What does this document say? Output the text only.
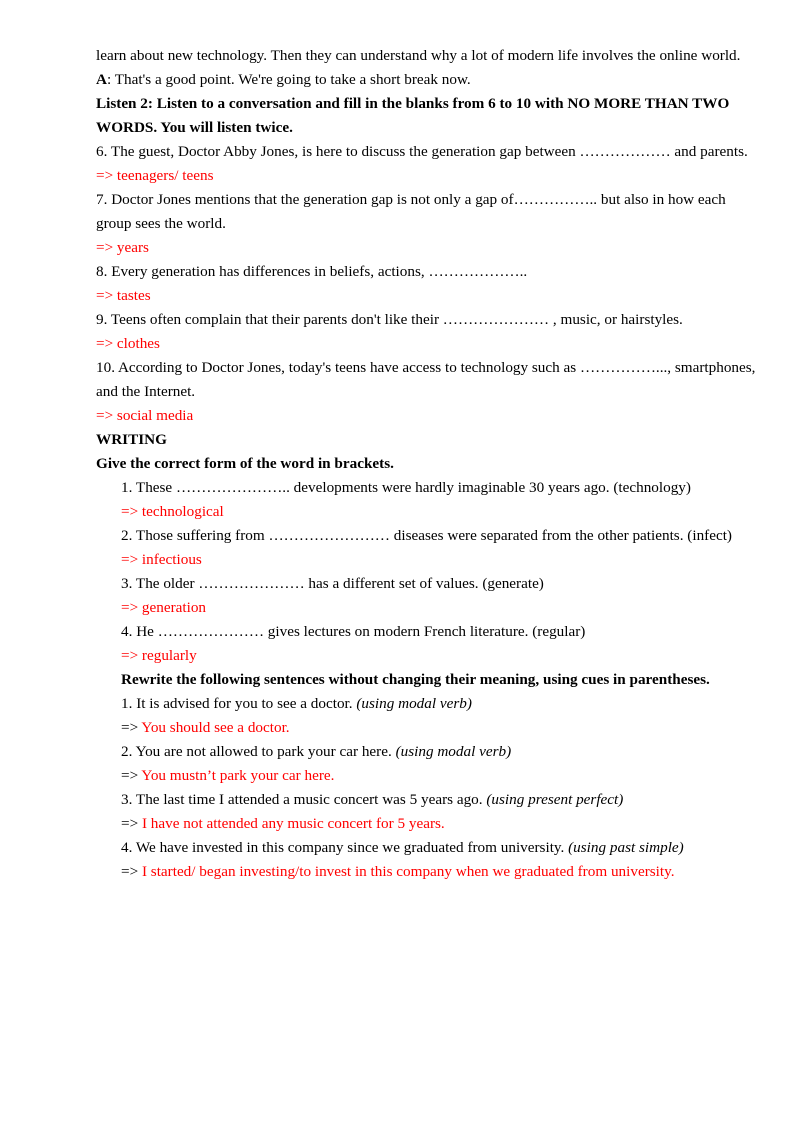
learn about new technology. Then they can understand why a lot of modern life involves the online world.

A: That's a good point. We're going to take a short break now.

Listen 2: Listen to a conversation and fill in the blanks from 6 to 10 with NO MORE THAN TWO WORDS. You will listen twice.

6. The guest, Doctor Abby Jones, is here to discuss the generation gap between ……………… and parents.

=> teenagers/ teens

7. Doctor Jones mentions that the generation gap is not only a gap of…………….. but also in how each group sees the world.

=> years

8. Every generation has differences in beliefs, actions, ………………..

=> tastes

9. Teens often complain that their parents don't like their ………………… , music, or hairstyles.

=> clothes

10. According to Doctor Jones, today's teens have access to technology such as ……………..., smartphones, and the Internet.

=> social media

WRITING

Give the correct form of the word in brackets.

1. These ………………….. developments were hardly imaginable 30 years ago. (technology)

=> technological

2. Those suffering from …………………… diseases were separated from the other patients. (infect)

=> infectious

3. The older ………………… has a different set of values. (generate)

=> generation

4. He ………………… gives lectures on modern French literature. (regular)

=> regularly

Rewrite the following sentences without changing their meaning, using cues in parentheses.

1. It is advised for you to see a doctor. (using modal verb)

=> You should see a doctor.

2. You are not allowed to park your car here. (using modal verb)

=> You mustn’t park your car here.

3. The last time I attended a music concert was 5 years ago. (using present perfect)

=> I have not attended any music concert for 5 years.

4. We have invested in this company since we graduated from university. (using past simple)

=> I started/ began investing/to invest in this company when we graduated from university.
